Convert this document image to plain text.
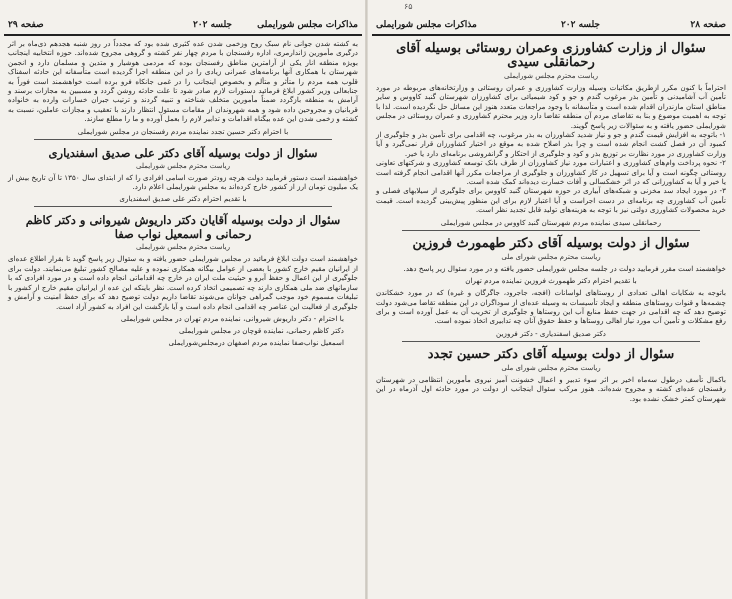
۶۵
مذاکرات مجلس شورایملی
جلسه ۲۰۲
صفحه ۲۹

به کشته شدن جوانی نام سبک روح وزخمی شدن عده کثیری شده بود که مجدداً در روز شنبه هجدهم ذی‌ماه بر اثر درگیری مأمورین ژاندارمری، اداره رفسنجان با مردم چهار نفر کشته و گروهی مجروح شده‌اند. حوزه انتخابیه اینجانب بویژه منطقه انار یکی از آرامترین مناطق رفسنجان بوده که مردمی هوشیار و متدین و مسلمان دارد و انجمن شهرستان با همکاری آنها برنامه‌های عمرانی زیادی را در این منطقه اجرا گردیده است متأسفانه این حادثه اسفناک قلوب همه مردم را متأثر و متألم و بخصوص اینجانب را در غمی جانکاه فرو برده است خواهشمند است فوراً به جنابعالی وزیر کشور ابلاغ فرمائید دستورات لازم صادر شود تا علت حادثه روشن گردد و مسببین به مجازات برسند و آرامش به منطقه بازگردد ضمناً مأمورین متخلف شناخته و تنبیه گردند و ترتیب جبران خسارات وارده به خانواده قربانیان و مجروحین داده شود و همه شهروندان از مقامات مسئول انتظار دارند با تعقیب و مجازات عاملین، نسبت به کشته و زخمی شدن این عده بیگناه اقدامات و تدابیر لازم را بعمل آورده و ما را مطلع سازند.

با احترام دکتر حسین تجدد نماینده مردم رفسنجان در مجلس شورایملی
سئوال از دولت بوسیله آقای دکتر علی صدیق اسفندیاری
ریاست محترم مجلس شورایملی

خواهشمند است دستور فرمایید دولت هرچه زودتر صورت اسامی افرادی را که از ابتدای سال ۱۳۵۰ تا آن تاریخ بیش از یک میلیون تومان ارز از کشور خارج کرده‌اند به مجلس شورایملی اعلام دارد.

با تقدیم احترام دکتر علی صدیق اسفندیاری
سئوال از دولت بوسیله آقایان دکتر داریوش شیروانی و دکتر کاظم رحمانی و اسمعیل نواب صفا
ریاست محترم مجلس شورایملی

خواهشمند است دولت ابلاغ فرمائید در مجلس شورایملی حضور یافته و به سئوال زیر پاسخ گوید تا بقرار اطلاع عده‌ای از ایرانیان مقیم خارج کشور با بعضی از عوامل بیگانه همکاری نموده و علیه مصالح کشور تبلیغ می‌نمایند. دولت برای جلوگیری از این اعمال و حفظ آبرو و حیثیت ملت ایران در خارج چه اقداماتی انجام داده است و در مورد افرادی که با سازمانهای ضد ملی همکاری دارند چه تصمیمی اتخاذ کرده است. نظر باینکه این عده از ایرانیان مقیم خارج از کشور با تبلیغات مسموم خود موجب گمراهی جوانان می‌شوند تقاضا داریم دولت توضیح دهد که برای حفظ امنیت و آرامش و جلوگیری از فعالیت این عناصر چه اقدامی انجام داده است و آیا بازگشت این افراد به کشور آزاد است.

با احترام - دکتر داریوش شیروانی، نماینده مردم تهران در مجلس شورایملی
دکتر کاظم رحمانی، نماینده قوچان در مجلس شورایملی
اسمعیل نواب‌صفا نماینده مردم اصفهان درمجلس‌شورایملی
صفحه ۲۸
جلسه ۲۰۲
مذاکرات مجلس شورایملی
سئوال از وزارت کشاورزی وعمران روستائی بوسیله آقای رحمانقلی سیدی
ریاست محترم مجلس شورایملی

احتراماً با کنون مکرر ازطریق مکاتبات وسیله وزارت کشاورزی و عمران روستائی و وزارتخانه‌های مربوطه در مورد تأمین آب آشامیدنی و تأمین بذر مرغوب گندم و جو و کود شیمیائی برای کشاورزان شهرستان گنبد کاووس و سایر مناطق استان مازندران اقدام شده است و متأسفانه با وجود مراجعات متعدد هنوز این مسائل حل نگردیده است. لذا با توجه به اهمیت موضوع و بنا به تقاضای مردم آن منطقه تقاضا دارد وزیر محترم کشاورزی و عمران روستائی در مجلس شورایملی حضور یافته و به سئوالات زیر پاسخ گویند.

۱- باتوجه به افزایش قیمت گندم و جو و نیاز شدید کشاورزان به بذر مرغوب، چه اقدامی برای تأمین بذر و جلوگیری از کمبود آن در فصل کشت انجام شده است و چرا بذر اصلاح شده به موقع در اختیار کشاورزان قرار نمی‌گیرد و آیا وزارت کشاورزی در مورد نظارت بر توزیع بذر و کود و جلوگیری از احتکار و گرانفروشی برنامه‌ای دارد یا خیر.

۲- نحوه پرداخت وام‌های کشاورزی و اعتبارات مورد نیاز کشاورزان از طرف بانک توسعه کشاورزی و شرکتهای تعاونی روستائی چگونه است و آیا برای تسهیل در کار کشاورزان و جلوگیری از مراجعات مکرر آنها اقدامی انجام گرفته است یا خیر و آیا به کشاورزانی که در اثر خشکسالی و آفات خسارت دیده‌اند کمک شده است.

۳- در مورد ایجاد سد مخزنی و شبکه‌های آبیاری در حوزه شهرستان گنبد کاووس برای جلوگیری از سیلابهای فصلی و تأمین آب کشاورزی چه برنامه‌ای در دست اجراست و آیا اعتبار لازم برای این منظور پیش‌بینی گردیده است. قیمت خرید محصولات کشاورزی دولتی نیز با توجه به هزینه‌های تولید قابل تجدید نظر است.

رحمانقلی سیدی نماینده مردم شهرستان گنبد کاووس در مجلس شورایملی
سئوال از دولت بوسیله آقای دکتر طهمورث فروزین
ریاست محترم مجلس شورای ملی

خواهشمند است مقرر فرمایید دولت در جلسه مجلس شورایملی حضور یافته و در مورد سئوال زیر پاسخ دهد.

با تقدیم احترام دکتر طهمورث فروزین نماینده مردم تهران

باتوجه به شکایات اهالی تعدادی از روستاهای لواسانات (افجه، جاجرود، جاگرگان و غیره) که در مورد خشکاندن چشمه‌ها و قنوات روستاهای منطقه و ایجاد تأسیسات به وسیله عده‌ای از سوداگران در این منطقه تقاضا می‌شود دولت توضیح دهد که چه اقدامی در جهت حفظ منابع آب این روستاها و جلوگیری از تخریب آن به عمل آورده است و برای رفع مشکلات و تأمین آب مورد نیاز اهالی روستاها و حفظ حقوق آنان چه تدابیری اتخاذ نموده است.

دکتر صدیق اسفندیاری - دکتر فروزین
سئوال از دولت بوسیله آقای دکتر حسین تجدد
ریاست محترم مجلس شورای ملی

باکمال تأسف درطول سه‌ماه اخیر بر اثر سوء تدبیر و اعمال خشونت آمیز نیروی مأمورین انتظامی در شهرستان رفسنجان عده‌ای کشته و مجروح شده‌اند. هنوز مرکب سئوال اینجانب از دولت در مورد حادثه اول آذرماه در این شهرستان کمتر خشک نشده بود.
